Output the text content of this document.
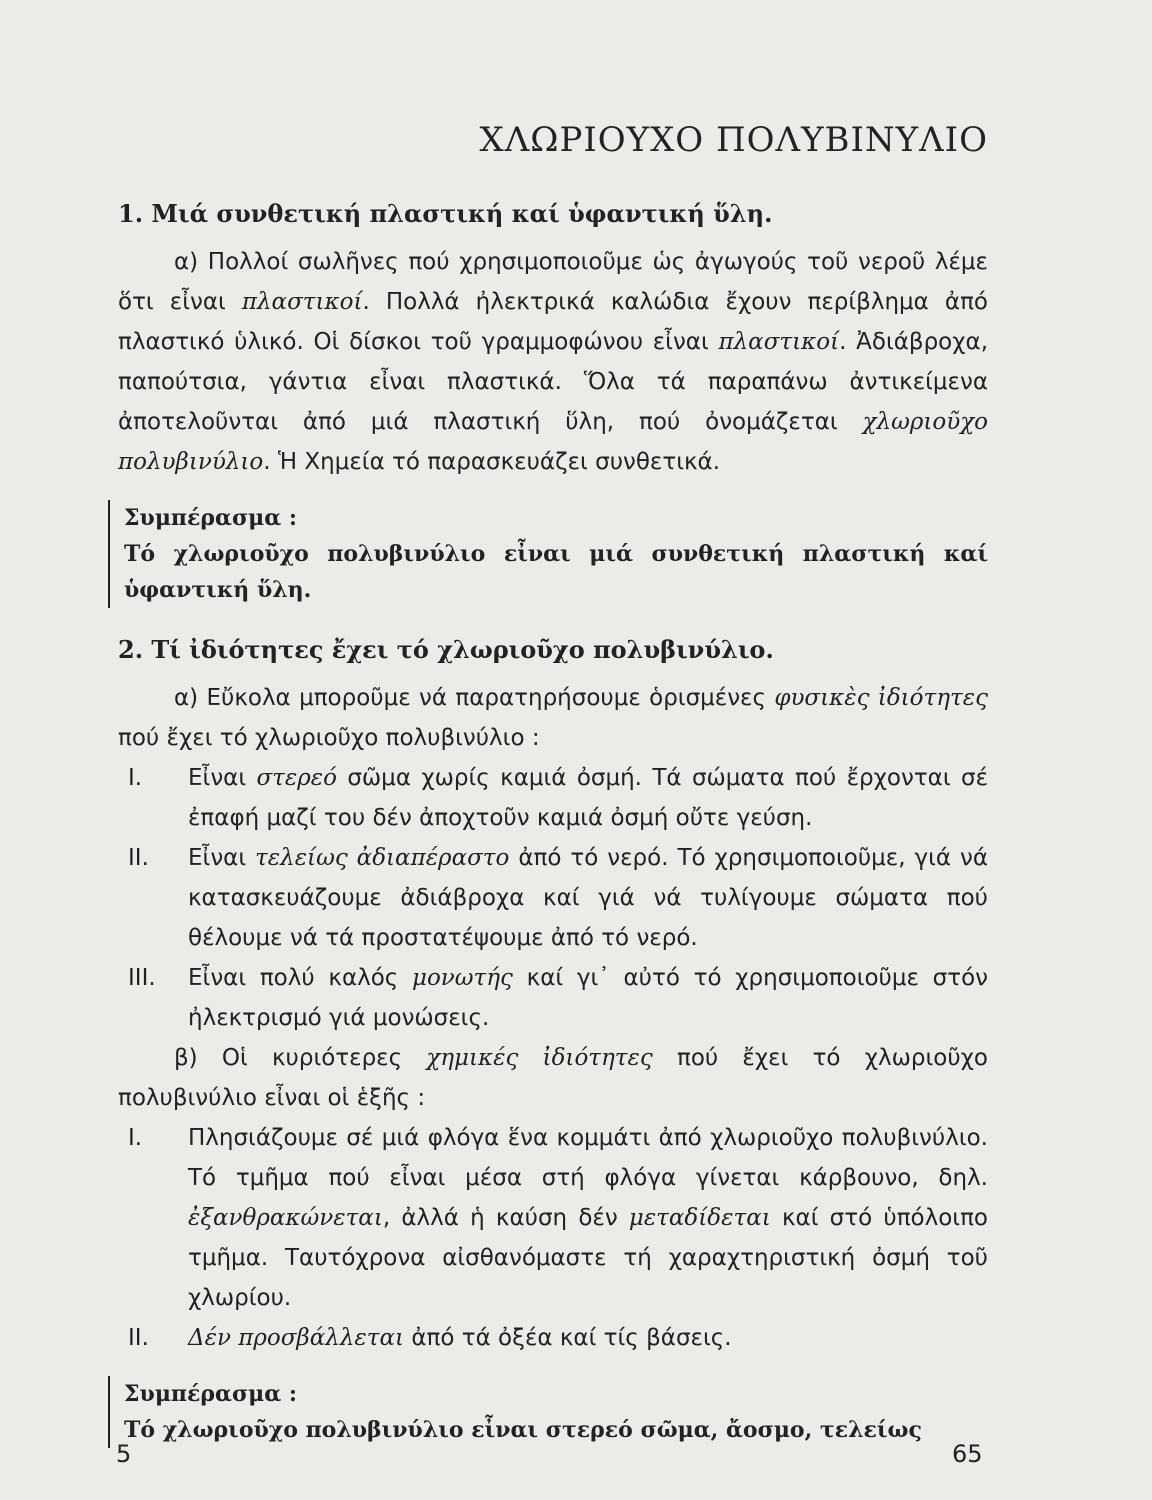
ΧΛΩΡΙΟΥΧΟ ΠΟΛΥΒΙΝΥΛΙΟ
1. Μιά συνθετική πλαστική καί ὑφαντική ὕλη.

α) Πολλοί σωλῆνες πού χρησιμοποιοῦμε ὡς ἀγωγούς τοῦ νεροῦ λέμε ὅτι εἶναι πλαστικοί. Πολλά ἠλεκτρικά καλώδια ἔχουν περίβλημα ἀπό πλαστικό ὑλικό. Οἱ δίσκοι τοῦ γραμμοφώνου εἶναι πλαστικοί. Ἀδιάβροχα, παπούτσια, γάντια εἶναι πλαστικά. Ὅλα τά παραπάνω ἀντικείμενα ἀποτελοῦνται ἀπό μιά πλαστική ὕλη, πού ὀνομάζεται χλωριοῦχο πολυβινύλιο. Ἡ Χημεία τό παρασκευάζει συνθετικά.

Συμπέρασμα :
Τό χλωριοῦχο πολυβινύλιο εἶναι μιά συνθετική πλαστική καί ὑφαντική ὕλη.
2. Τί ἰδιότητες ἔχει τό χλωριοῦχο πολυβινύλιο.

α) Εὔκολα μποροῦμε νά παρατηρήσουμε ὁρισμένες φυσικὲς ἰδιότητες πού ἔχει τό χλωριοῦχο πολυβινύλιο :

I. Εἶναι στερεό σῶμα χωρίς καμιά ὀσμή. Τά σώματα πού ἔρχονται σέ ἐπαφή μαζί του δέν ἀποχτοῦν καμιά ὀσμή οὔτε γεύση.
II. Εἶναι τελείως ἀδιαπέραστο ἀπό τό νερό. Τό χρησιμοποιοῦμε, γιά νά κατασκευάζουμε ἀδιάβροχα καί γιά νά τυλίγουμε σώματα πού θέλουμε νά τά προστατέψουμε ἀπό τό νερό.
III. Εἶναι πολύ καλός μονωτής καί γι᾽ αὐτό τό χρησιμοποιοῦμε στόν ἠλεκτρισμό γιά μονώσεις.

β) Οἱ κυριότερες χημικές ἰδιότητες πού ἔχει τό χλωριοῦχο πολυβινύλιο εἶναι οἱ ἑξῆς :

I. Πλησιάζουμε σέ μιά φλόγα ἕνα κομμάτι ἀπό χλωριοῦχο πολυβινύλιο. Τό τμῆμα πού εἶναι μέσα στή φλόγα γίνεται κάρβουνο, δηλ. ἐξανθρακώνεται, ἀλλά ἡ καύση δέν μεταδίδεται καί στό ὑπόλοιπο τμῆμα. Ταυτόχρονα αἰσθανόμαστε τή χαραχτηριστική ὀσμή τοῦ χλωρίου.
II. Δέν προσβάλλεται ἀπό τά ὀξέα καί τίς βάσεις.
Συμπέρασμα :
Τό χλωριοῦχο πολυβινύλιο εἶναι στερεό σῶμα, ἄοσμο, τελείως
5	65
